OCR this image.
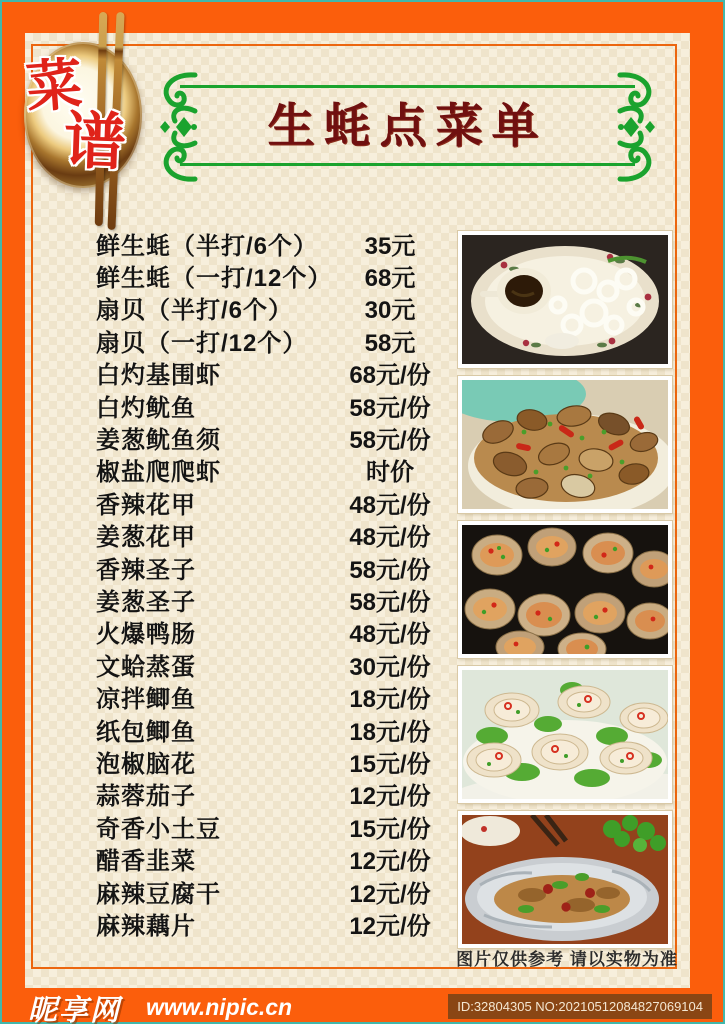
生蚝点菜单
菜
谱
鲜生蚝（半打/6个）	35元
鲜生蚝（一打/12个）	68元
扇贝（半打/6个）	30元
扇贝（一打/12个）	58元
白灼基围虾	68元/份
白灼鱿鱼	58元/份
姜葱鱿鱼须	58元/份
椒盐爬爬虾	时价
香辣花甲	48元/份
姜葱花甲	48元/份
香辣圣子	58元/份
姜葱圣子	58元/份
火爆鸭肠	48元/份
文蛤蒸蛋	30元/份
凉拌鲫鱼	18元/份
纸包鲫鱼	18元/份
泡椒脑花	15元/份
蒜蓉茄子	12元/份
奇香小土豆	15元/份
醋香韭菜	12元/份
麻辣豆腐干	12元/份
麻辣藕片	12元/份
图片仅供参考 请以实物为准
昵享网 www.nipic.cn	ID:32804305 NO:20210512084827069104
